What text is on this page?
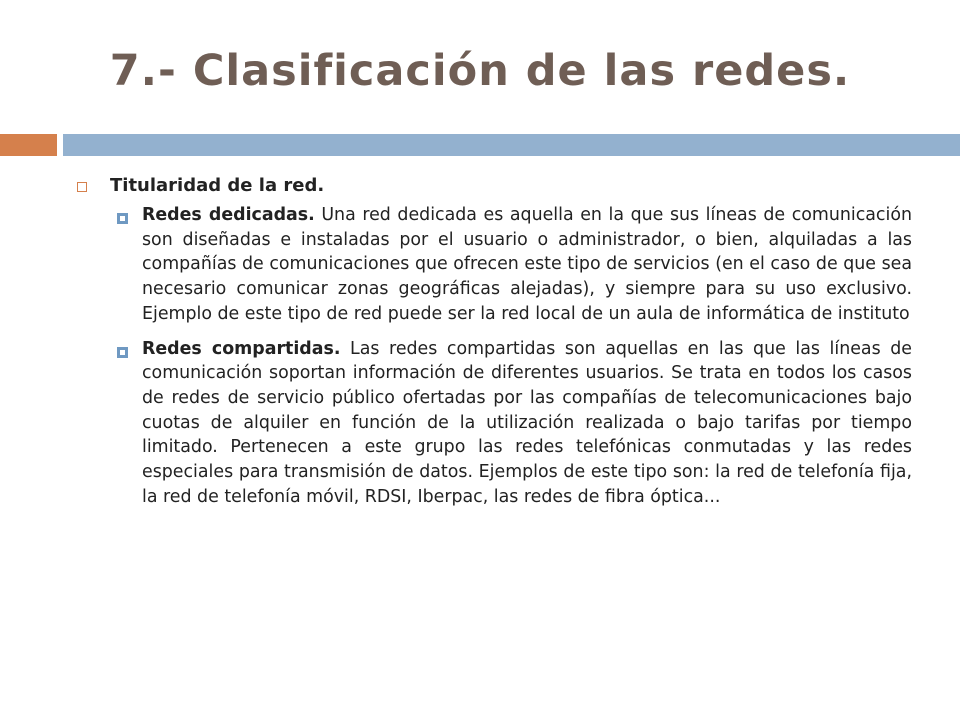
7.- Clasificación de las redes.
Titularidad de la red.
Redes dedicadas. Una red dedicada es aquella en la que sus líneas de comunicación son diseñadas e instaladas por el usuario o administrador, o bien, alquiladas a las compañías de comunicaciones que ofrecen este tipo de servicios (en el caso de que sea necesario comunicar zonas geográficas alejadas), y siempre para su uso exclusivo. Ejemplo de este tipo de red puede ser la red local de un aula de informática de instituto
Redes compartidas. Las redes compartidas son aquellas en las que las líneas de comunicación soportan información de diferentes usuarios. Se trata en todos los casos de redes de servicio público ofertadas por las compañías de telecomunicaciones bajo cuotas de alquiler en función de la utilización realizada o bajo tarifas por tiempo limitado. Pertenecen a este grupo las redes telefónicas conmutadas y las redes especiales para transmisión de datos. Ejemplos de este tipo son: la red de telefonía fija, la red de telefonía móvil, RDSI, Iberpac, las redes de fibra óptica...
